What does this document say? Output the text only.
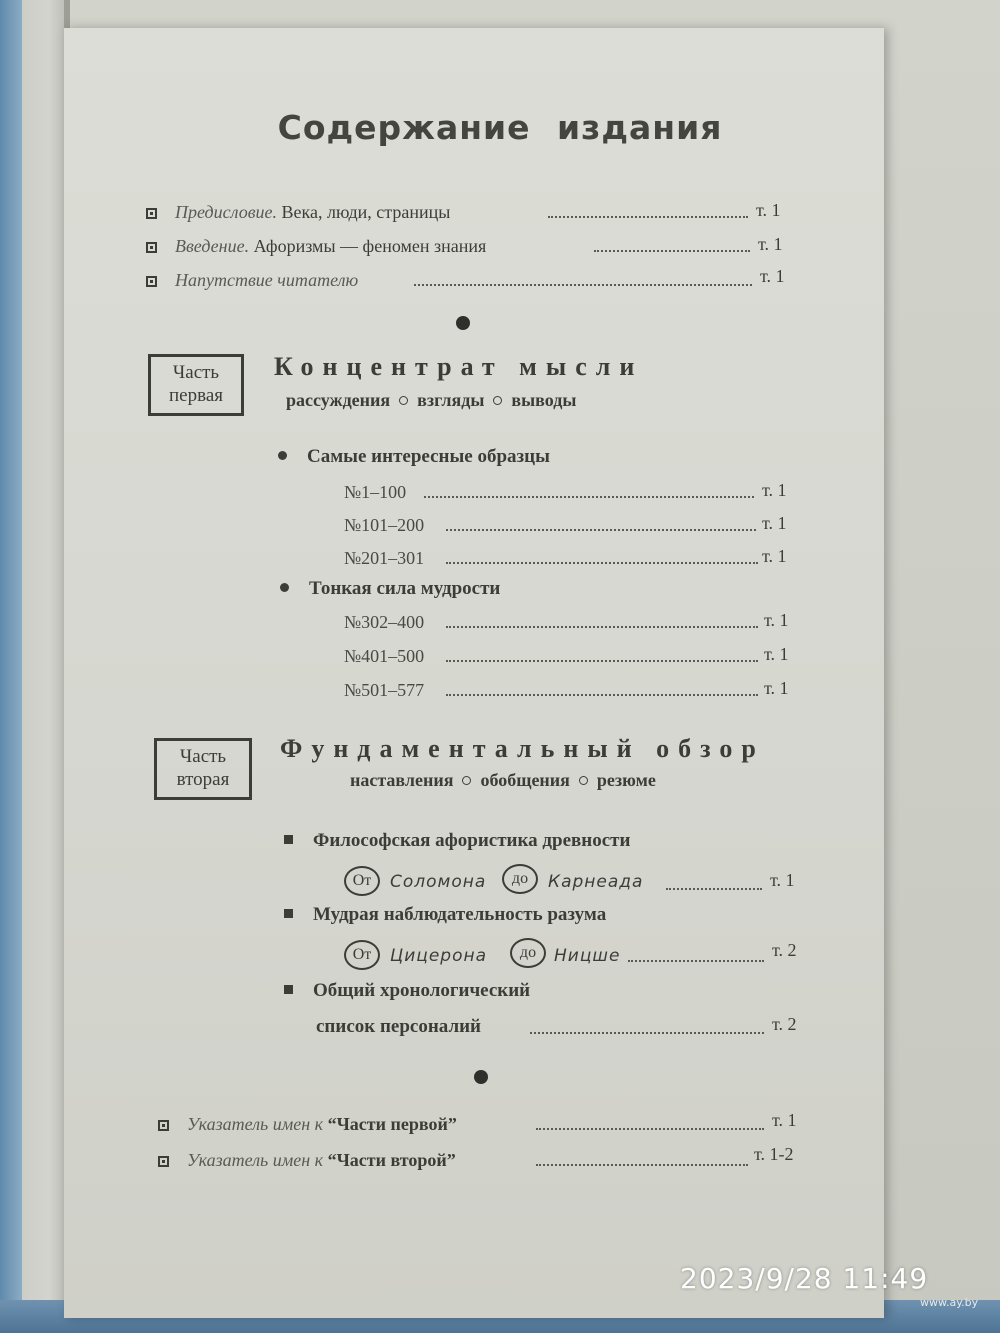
Содержание издания
Предисловие. Века, люди, страницы	т. 1
Введение. Афоризмы — феномен знания	т. 1
Напутствие читателю	т. 1
Часть
первая
Концентрат мысли
рассуждения взгляды выводы
Самые интересные образцы
№1–100	т. 1
№101–200	т. 1
№201–301	т. 1
Тонкая сила мудрости
№302–400	т. 1
№401–500	т. 1
№501–577	т. 1
Часть
вторая
Фундаментальный обзор
наставления обобщения резюме
Философская афористика древности
От	Соломона	до	Карнеада	т. 1
Мудрая наблюдательность разума
От	Цицерона	до	Ницше	т. 2
Общий хронологический
список персоналий	т. 2
Указатель имен к “Части первой”	т. 1
Указатель имен к “Части второй”	т. 1-2
2023/9/28 11:49
www.ay.by
